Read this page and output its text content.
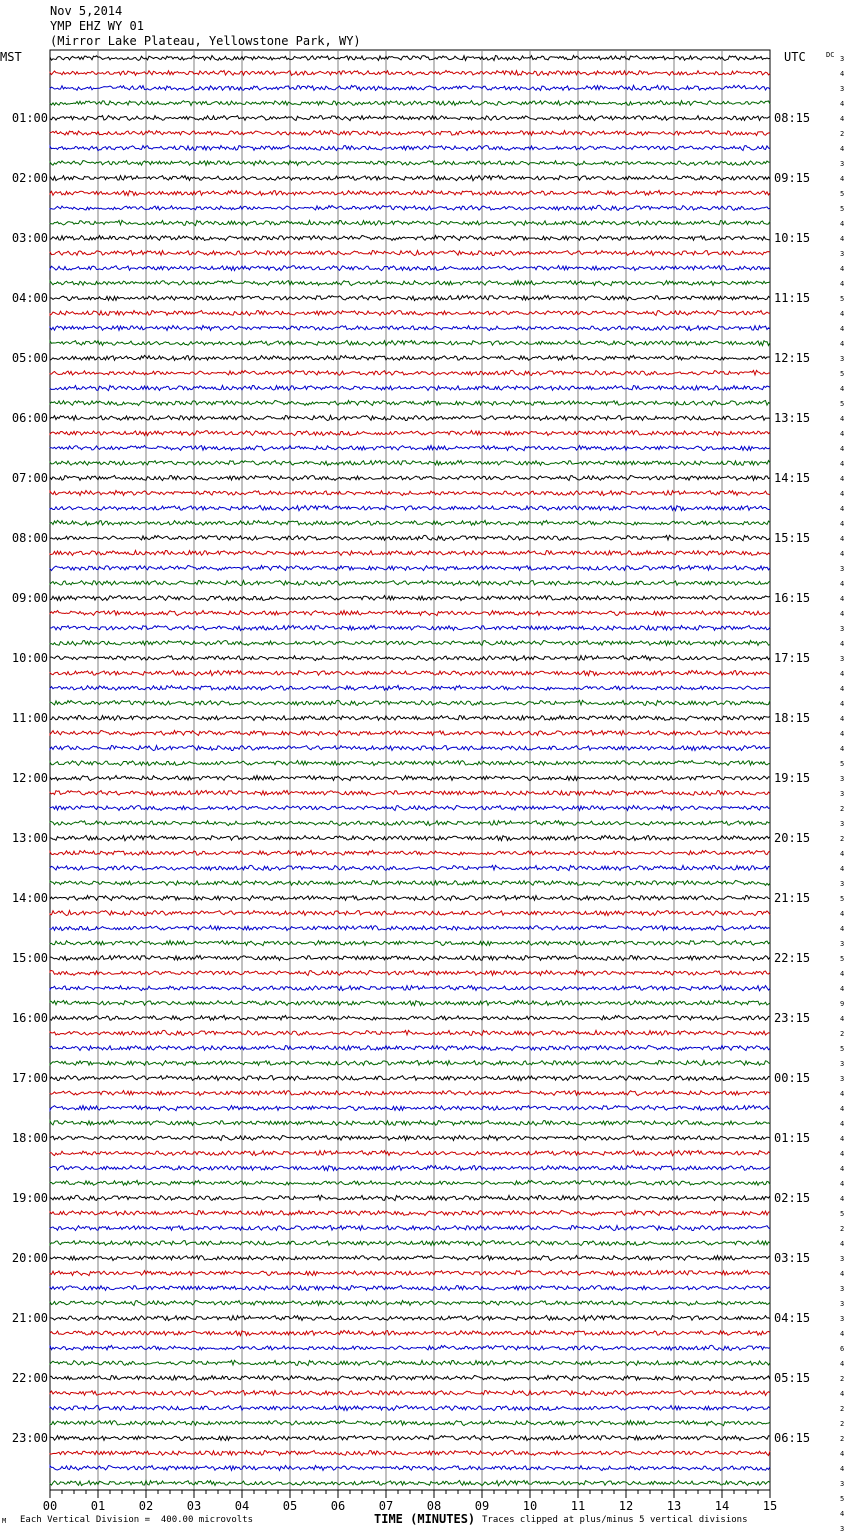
Nov 5,2014
YMP EHZ WY 01
(Mirror Lake Plateau, Yellowstone Park, WY)
MST	UTC	DC
01:00
02:00
03:00
04:00
05:00
06:00
07:00
08:00
09:00
10:00
11:00
12:00
13:00
14:00
15:00
16:00
17:00
18:00
19:00
20:00
21:00
22:00
23:00
08:15
09:15
10:15
11:15
12:15
13:15
14:15
15:15
16:15
17:15
18:15
19:15
20:15
21:15
22:15
23:15
00:15
01:15
02:15
03:15
04:15
05:15
06:15
3
4
3
4
4
2
4
3
4
5
5
4
4
3
4
4
5
4
4
4
3
5
4
5
4
4
4
4
4
4
4
4
4
4
3
4
4
4
3
4
3
4
4
4
4
4
4
5
3
3
2
3
2
4
4
3
5
4
4
3
5
4
4
9
4
2
5
3
3
4
4
4
4
4
4
4
4
5
2
4
3
4
3
3
3
4
6
4
2
4
2
2
2
4
4
3
5
4
3
00	01	02	03	04	05	06	07	08	09	10	11	12	13	14	15
M Each Vertical Division =  400.00 microvolts	TIME (MINUTES) Traces clipped at plus/minus 5 vertical divisions
